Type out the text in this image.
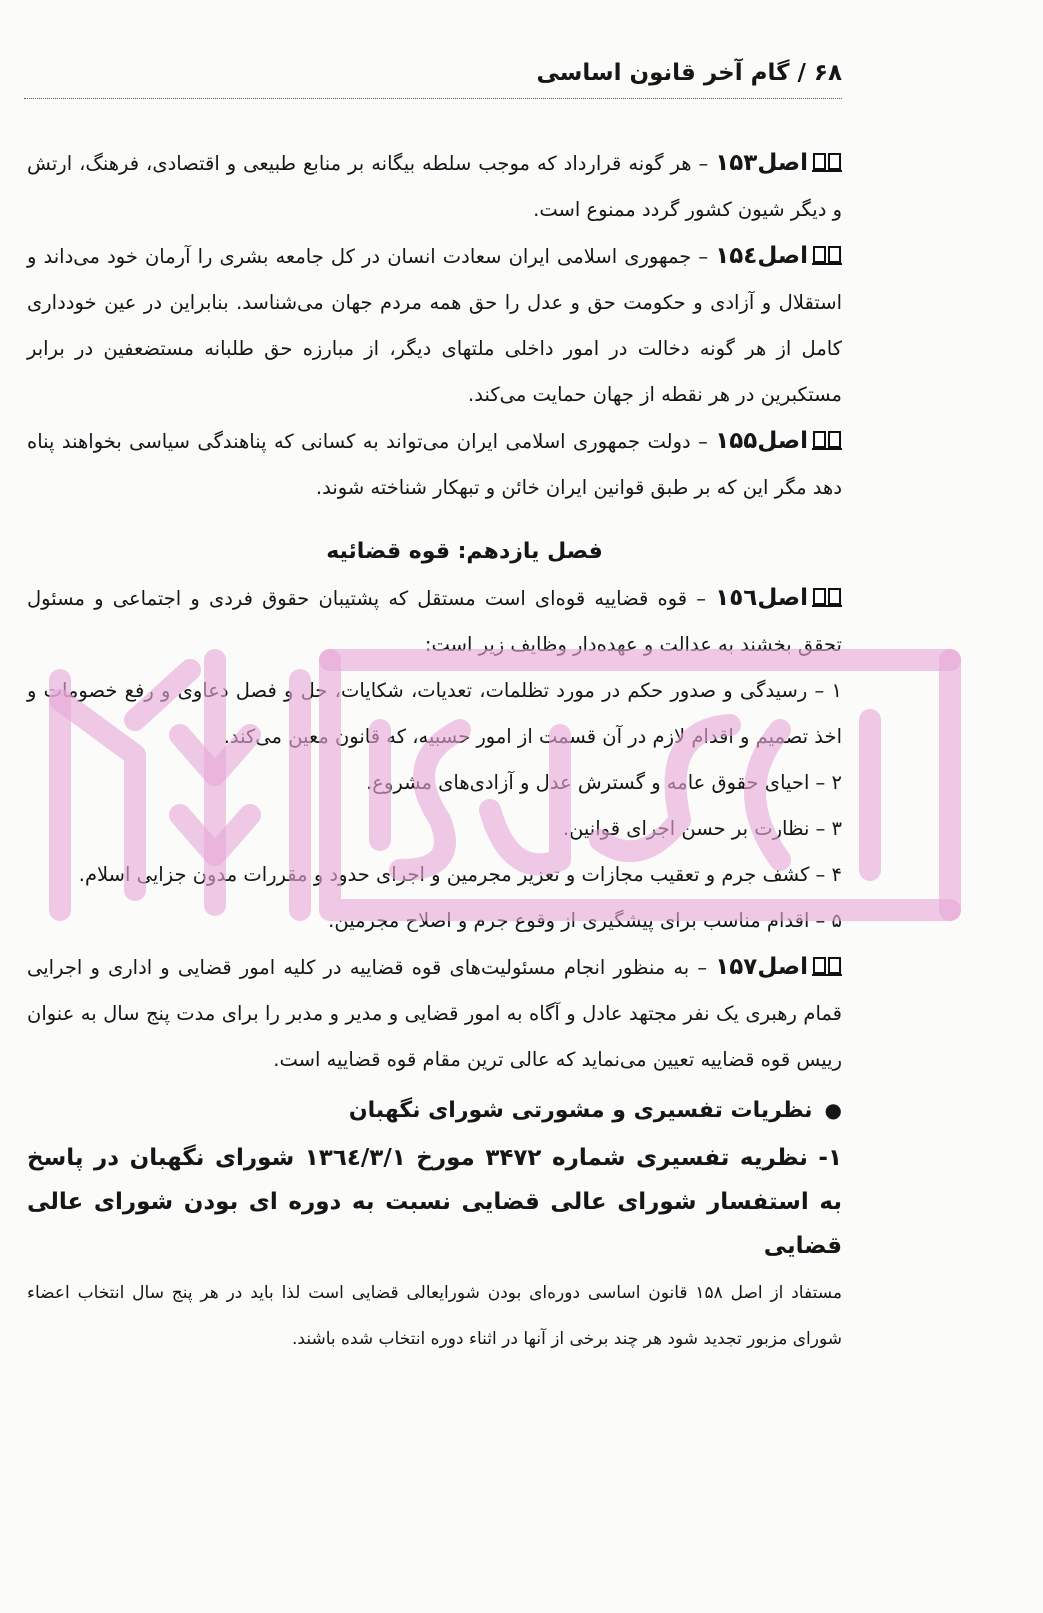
۶۸ / گام آخر قانون اساسی

اصل۱۵۳ – هر گونه قرارداد که موجب سلطه بیگانه بر منابع طبیعی و اقتصادی، فرهنگ، ارتش و دیگر شیون کشور گردد ممنوع است.

اصل۱۵٤ – جمهوری اسلامی ایران سعادت انسان در کل جامعه بشری را آرمان خود می‌داند و استقلال و آزادی و حکومت حق و عدل را حق همه مردم جهان می‌شناسد. بنابراین در عین خودداری کامل از هر گونه دخالت در امور داخلی ملتهای دیگر، از مبارزه حق طلبانه مستضعفین در برابر مستکبرین در هر نقطه از جهان حمایت می‌کند.

اصل۱۵۵ – دولت جمهوری اسلامی ایران می‌تواند به کسانی که پناهندگی سیاسی بخواهند پناه دهد مگر این که بر طبق قوانین ایران خائن و تبهکار شناخته شوند.

فصل یازدهم: قوه قضائیه

اصل۱٥٦ – قوه قضاییه قوه‌ای است مستقل که پشتیبان حقوق فردی و اجتماعی و مسئول تحقق بخشند به عدالت و عهده‌دار وظایف زیر است:

۱ – رسیدگی و صدور حکم در مورد تظلمات، تعدیات، شکایات، حل و فصل دعاوی و رفع خصومات و اخذ تصمیم و اقدام لازم در آن قسمت از امور حسبیه، که قانون معین می‌کند.

۲ – احیای حقوق عامه و گسترش عدل و آزادی‌های مشروع.

۳ – نظارت بر حسن اجرای قوانین.

۴ – کشف جرم و تعقیب مجازات و تعزیر مجرمین و اجرای حدود و مقررات مدون جزایی اسلام.

۵ – اقدام مناسب برای پیشگیری از وقوع جرم و اصلاح مجرمین.

اصل۱۵۷ – به منظور انجام مسئولیت‌های قوه قضاییه در کلیه امور قضایی و اداری و اجرایی قمام رهبری یک نفر مجتهد عادل و آگاه به امور قضایی و مدیر و مدبر را برای مدت پنج سال به عنوان رییس قوه قضاییه تعیین می‌نماید که عالی ترین مقام قوه قضاییه است.

●نظریات تفسیری و مشورتی شورای نگهبان

۱- نظریه تفسیری شماره ۳۴۷۲ مورخ ۱۳٦٤/۳/۱ شورای نگهبان در پاسخ به استفسار شورای عالی قضایی نسبت به دوره ای بودن شورای عالی قضایی

مستفاد از اصل ۱۵۸ قانون اساسی دوره‌ای بودن شورایعالی قضایی است لذا باید در هر پنج سال انتخاب اعضاء شورای مزبور تجدید شود هر چند برخی از آنها در اثناء دوره انتخاب شده باشند.
